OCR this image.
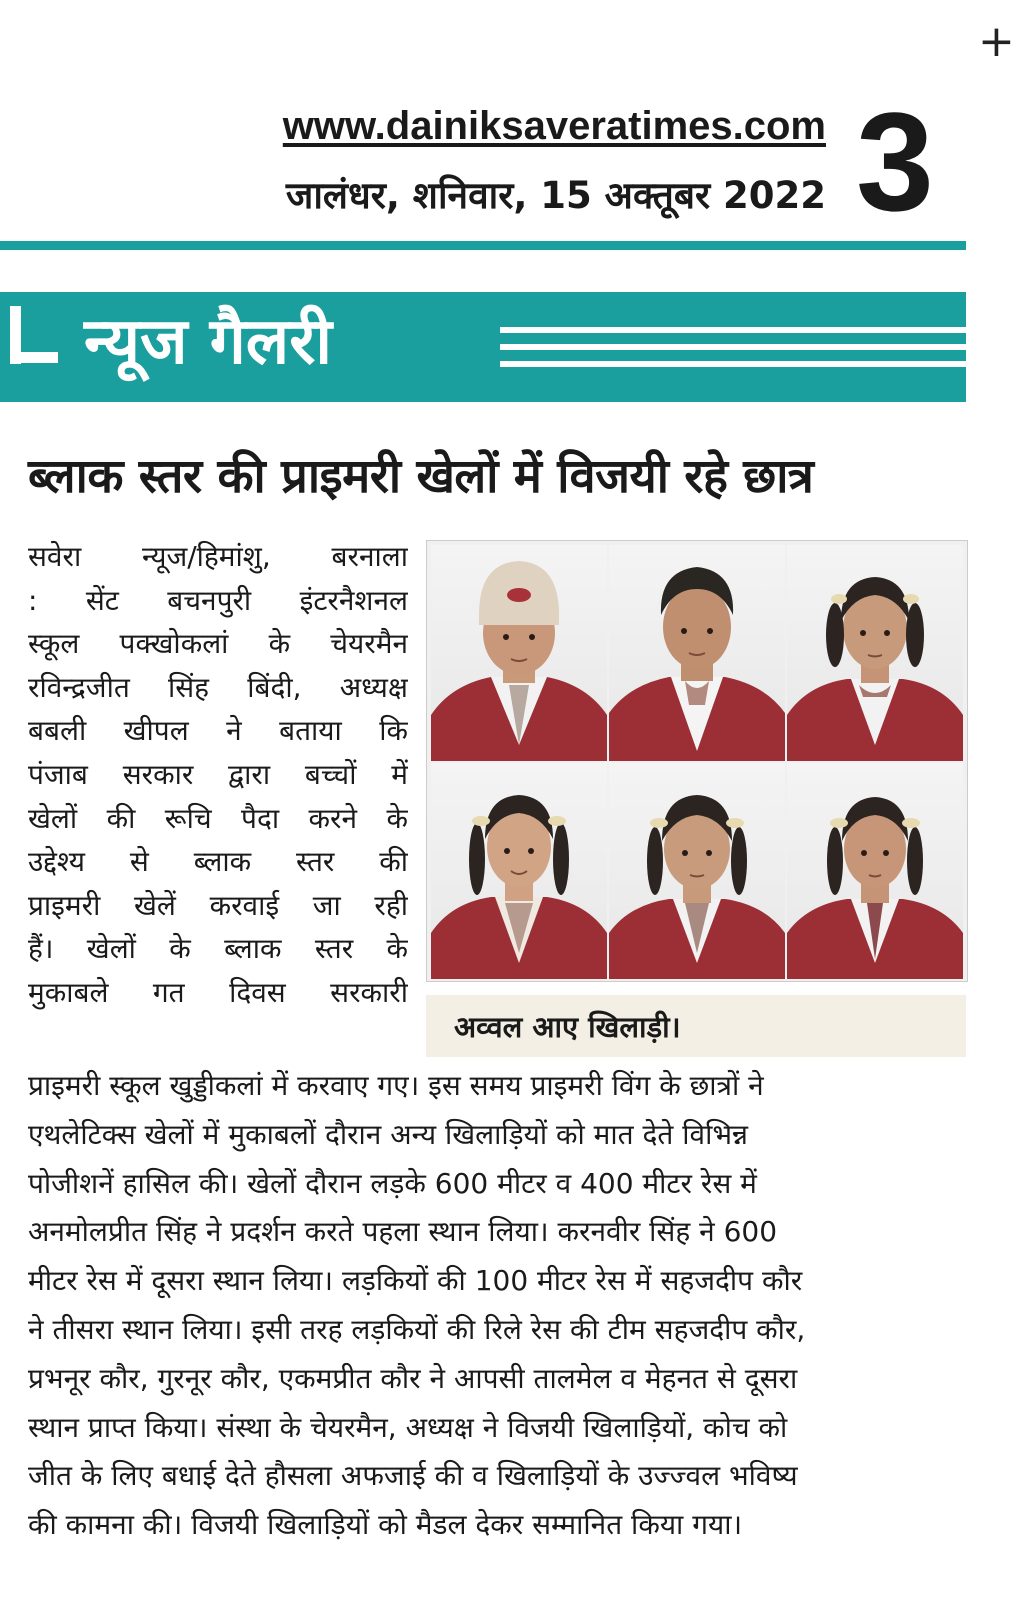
www.dainiksaveratimes.com
जालंधर, शनिवार, 15 अक्तूबर 2022 3
+
न्यूज गैलरी
ब्लाक स्तर की प्राइमरी खेलों में विजयी रहे छात्र
सवेरा न्यूज/हिमांशु, बरनाला
: सेंट बचनपुरी इंटरनैशनल
स्कूल पक्खोकलां के चेयरमैन
रविन्द्रजीत सिंह बिंदी, अध्यक्ष
बबली खीपल ने बताया कि
पंजाब सरकार द्वारा बच्चों में
खेलों की रूचि पैदा करने के
उद्देश्य से ब्लाक स्तर की
प्राइमरी खेलें करवाई जा रही
हैं। खेलों के ब्लाक स्तर के
मुकाबले गत दिवस सरकारी
अव्वल आए खिलाड़ी।
प्राइमरी स्कूल खुड्डीकलां में करवाए गए। इस समय प्राइमरी विंग के छात्रों ने
एथलेटिक्स खेलों में मुकाबलों दौरान अन्य खिलाड़ियों को मात देते विभिन्न
पोजीशनें हासिल की। खेलों दौरान लड़के 600 मीटर व 400 मीटर रेस में
अनमोलप्रीत सिंह ने प्रदर्शन करते पहला स्थान लिया। करनवीर सिंह ने 600
मीटर रेस में दूसरा स्थान लिया। लड़कियों की 100 मीटर रेस में सहजदीप कौर
ने तीसरा स्थान लिया। इसी तरह लड़कियों की रिले रेस की टीम सहजदीप कौर,
प्रभनूर कौर, गुरनूर कौर, एकमप्रीत कौर ने आपसी तालमेल व मेहनत से दूसरा
स्थान प्राप्त किया। संस्था के चेयरमैन, अध्यक्ष ने विजयी खिलाड़ियों, कोच को
जीत के लिए बधाई देते हौसला अफजाई की व खिलाड़ियों के उज्ज्वल भविष्य
की कामना की। विजयी खिलाड़ियों को मैडल देकर सम्मानित किया गया।
